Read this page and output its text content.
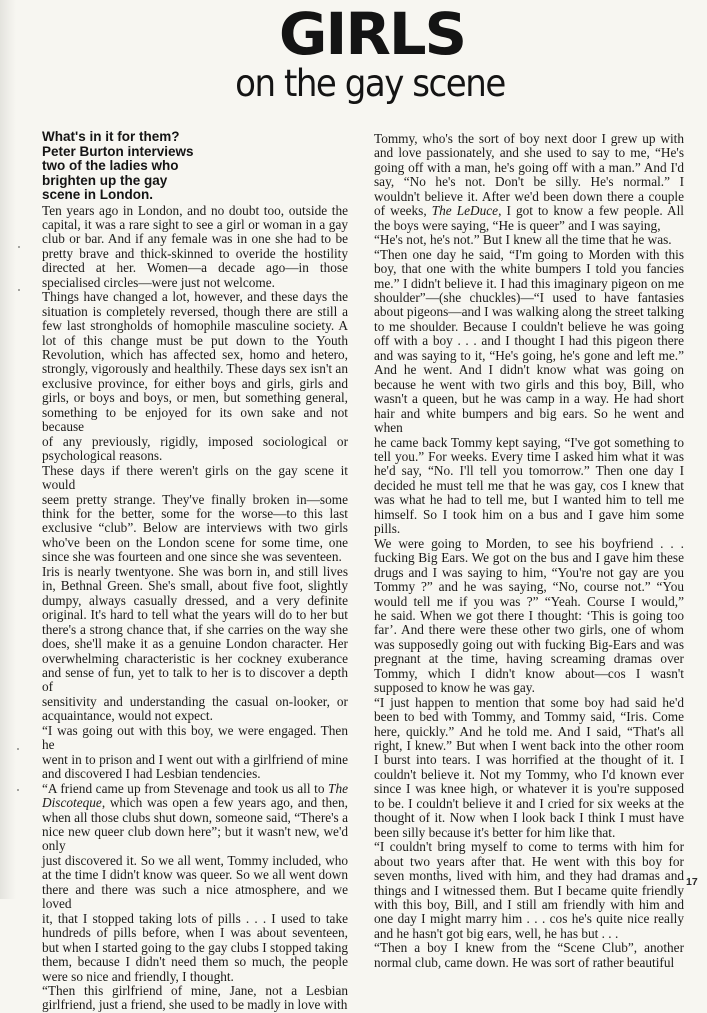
GIRLS
on the gay scene
What's in it for them?
Peter Burton interviews
two of the ladies who
brighten up the gay
scene in London.
Ten years ago in London, and no doubt too, outside the
capital, it was a rare sight to see a girl or woman in a gay
club or bar. And if any female was in one she had to be
pretty brave and thick-skinned to overide the hostility
directed at her. Women—a decade ago—in those
specialised circles—were just not welcome.
Things have changed a lot, however, and these days the
situation is completely reversed, though there are still a
few last strongholds of homophile masculine society. A
lot of this change must be put down to the Youth
Revolution, which has affected sex, homo and hetero,
strongly, vigorously and healthily. These days sex isn't an
exclusive province, for either boys and girls, girls and
girls, or boys and boys, or men, but something general,
something to be enjoyed for its own sake and not because
of any previously, rigidly, imposed sociological or
psychological reasons.
These days if there weren't girls on the gay scene it would
seem pretty strange. They've finally broken in—some
think for the better, some for the worse—to this last
exclusive “club”. Below are interviews with two girls
who've been on the London scene for some time, one
since she was fourteen and one since she was seventeen.
Iris is nearly twentyone. She was born in, and still lives
in, Bethnal Green. She's small, about five foot, slightly
dumpy, always casually dressed, and a very definite
original. It's hard to tell what the years will do to her but
there's a strong chance that, if she carries on the way she
does, she'll make it as a genuine London character. Her
overwhelming characteristic is her cockney exuberance
and sense of fun, yet to talk to her is to discover a depth of
sensitivity and understanding the casual on-looker, or
acquaintance, would not expect.
“I was going out with this boy, we were engaged. Then he
went in to prison and I went out with a girlfriend of mine
and discovered I had Lesbian tendencies.
“A friend came up from Stevenage and took us all to The
Discoteque, which was open a few years ago, and then,
when all those clubs shut down, someone said, “There's a
nice new queer club down here”; but it wasn't new, we'd only
just discovered it. So we all went, Tommy included, who
at the time I didn't know was queer. So we all went down
there and there was such a nice atmosphere, and we loved
it, that I stopped taking lots of pills . . . I used to take
hundreds of pills before, when I was about seventeen,
but when I started going to the gay clubs I stopped taking
them, because I didn't need them so much, the people
were so nice and friendly, I thought.
“Then this girlfriend of mine, Jane, not a Lesbian
girlfriend, just a friend, she used to be madly in love with
Tommy, who's the sort of boy next door I grew up with
and love passionately, and she used to say to me, “He's
going off with a man, he's going off with a man.” And I'd
say, “No he's not. Don't be silly. He's normal.” I
wouldn't believe it. After we'd been down there a couple
of weeks, The LeDuce, I got to know a few people. All
the boys were saying, “He is queer” and I was saying,
“He's not, he's not.” But I knew all the time that he was.
“Then one day he said, “I'm going to Morden with this
boy, that one with the white bumpers I told you fancies
me.” I didn't believe it. I had this imaginary pigeon on me
shoulder”—(she chuckles)—“I used to have fantasies
about pigeons—and I was walking along the street talking
to me shoulder. Because I couldn't believe he was going
off with a boy . . . and I thought I had this pigeon there
and was saying to it, “He's going, he's gone and left me.”
And he went. And I didn't know what was going on
because he went with two girls and this boy, Bill, who
wasn't a queen, but he was camp in a way. He had short
hair and white bumpers and big ears. So he went and when
he came back Tommy kept saying, “I've got something to
tell you.” For weeks. Every time I asked him what it was
he'd say, “No. I'll tell you tomorrow.” Then one day I
decided he must tell me that he was gay, cos I knew that
was what he had to tell me, but I wanted him to tell me
himself. So I took him on a bus and I gave him some pills.
We were going to Morden, to see his boyfriend . . .
fucking Big Ears. We got on the bus and I gave him these
drugs and I was saying to him, “You're not gay are you
Tommy ?” and he was saying, “No, course not.” “You
would tell me if you was ?” “Yeah. Course I would,”
he said. When we got there I thought: ‘This is going too
far’. And there were these other two girls, one of whom
was supposedly going out with fucking Big-Ears and was
pregnant at the time, having screaming dramas over
Tommy, which I didn't know about—cos I wasn't
supposed to know he was gay.
“I just happen to mention that some boy had said he'd
been to bed with Tommy, and Tommy said, “Iris. Come
here, quickly.” And he told me. And I said, “That's all
right, I knew.” But when I went back into the other room
I burst into tears. I was horrified at the thought of it. I
couldn't believe it. Not my Tommy, who I'd known ever
since I was knee high, or whatever it is you're supposed
to be. I couldn't believe it and I cried for six weeks at the
thought of it. Now when I look back I think I must have
been silly because it's better for him like that.
“I couldn't bring myself to come to terms with him for
about two years after that. He went with this boy for
seven months, lived with him, and they had dramas and
things and I witnessed them. But I became quite friendly
with this boy, Bill, and I still am friendly with him and
one day I might marry him . . . cos he's quite nice really
and he hasn't got big ears, well, he has but . . .
“Then a boy I knew from the “Scene Club”, another
normal club, came down. He was sort of rather beautiful
17
